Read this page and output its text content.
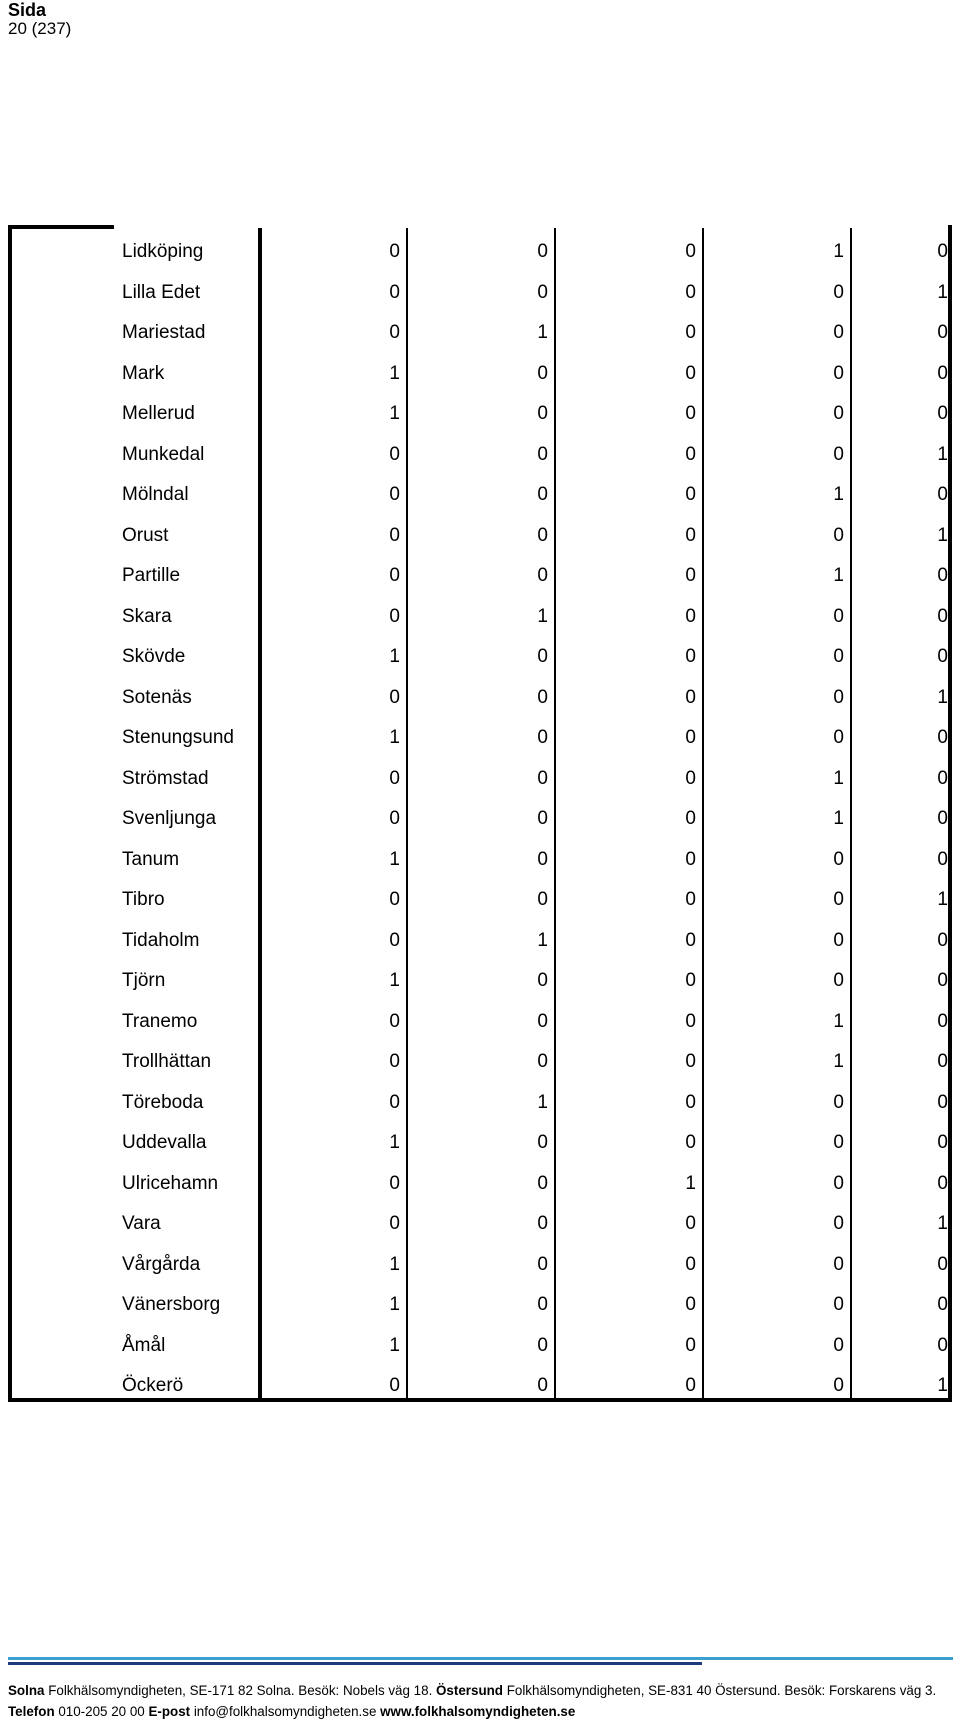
Sida
20 (237)
Lidköping	0	0	0	1	0
Lilla Edet	0	0	0	0	1
Mariestad	0	1	0	0	0
Mark	1	0	0	0	0
Mellerud	1	0	0	0	0
Munkedal	0	0	0	0	1
Mölndal	0	0	0	1	0
Orust	0	0	0	0	1
Partille	0	0	0	1	0
Skara	0	1	0	0	0
Skövde	1	0	0	0	0
Sotenäs	0	0	0	0	1
Stenungsund	1	0	0	0	0
Strömstad	0	0	0	1	0
Svenljunga	0	0	0	1	0
Tanum	1	0	0	0	0
Tibro	0	0	0	0	1
Tidaholm	0	1	0	0	0
Tjörn	1	0	0	0	0
Tranemo	0	0	0	1	0
Trollhättan	0	0	0	1	0
Töreboda	0	1	0	0	0
Uddevalla	1	0	0	0	0
Ulricehamn	0	0	1	0	0
Vara	0	0	0	0	1
Vårgårda	1	0	0	0	0
Vänersborg	1	0	0	0	0
Åmål	1	0	0	0	0
Öckerö	0	0	0	0	1
Solna Folkhälsomyndigheten, SE-171 82 Solna. Besök: Nobels väg 18. Östersund Folkhälsomyndigheten, SE-831 40 Östersund. Besök: Forskarens väg 3.
Telefon 010-205 20 00 E-post info@folkhalsomyndigheten.se www.folkhalsomyndigheten.se
